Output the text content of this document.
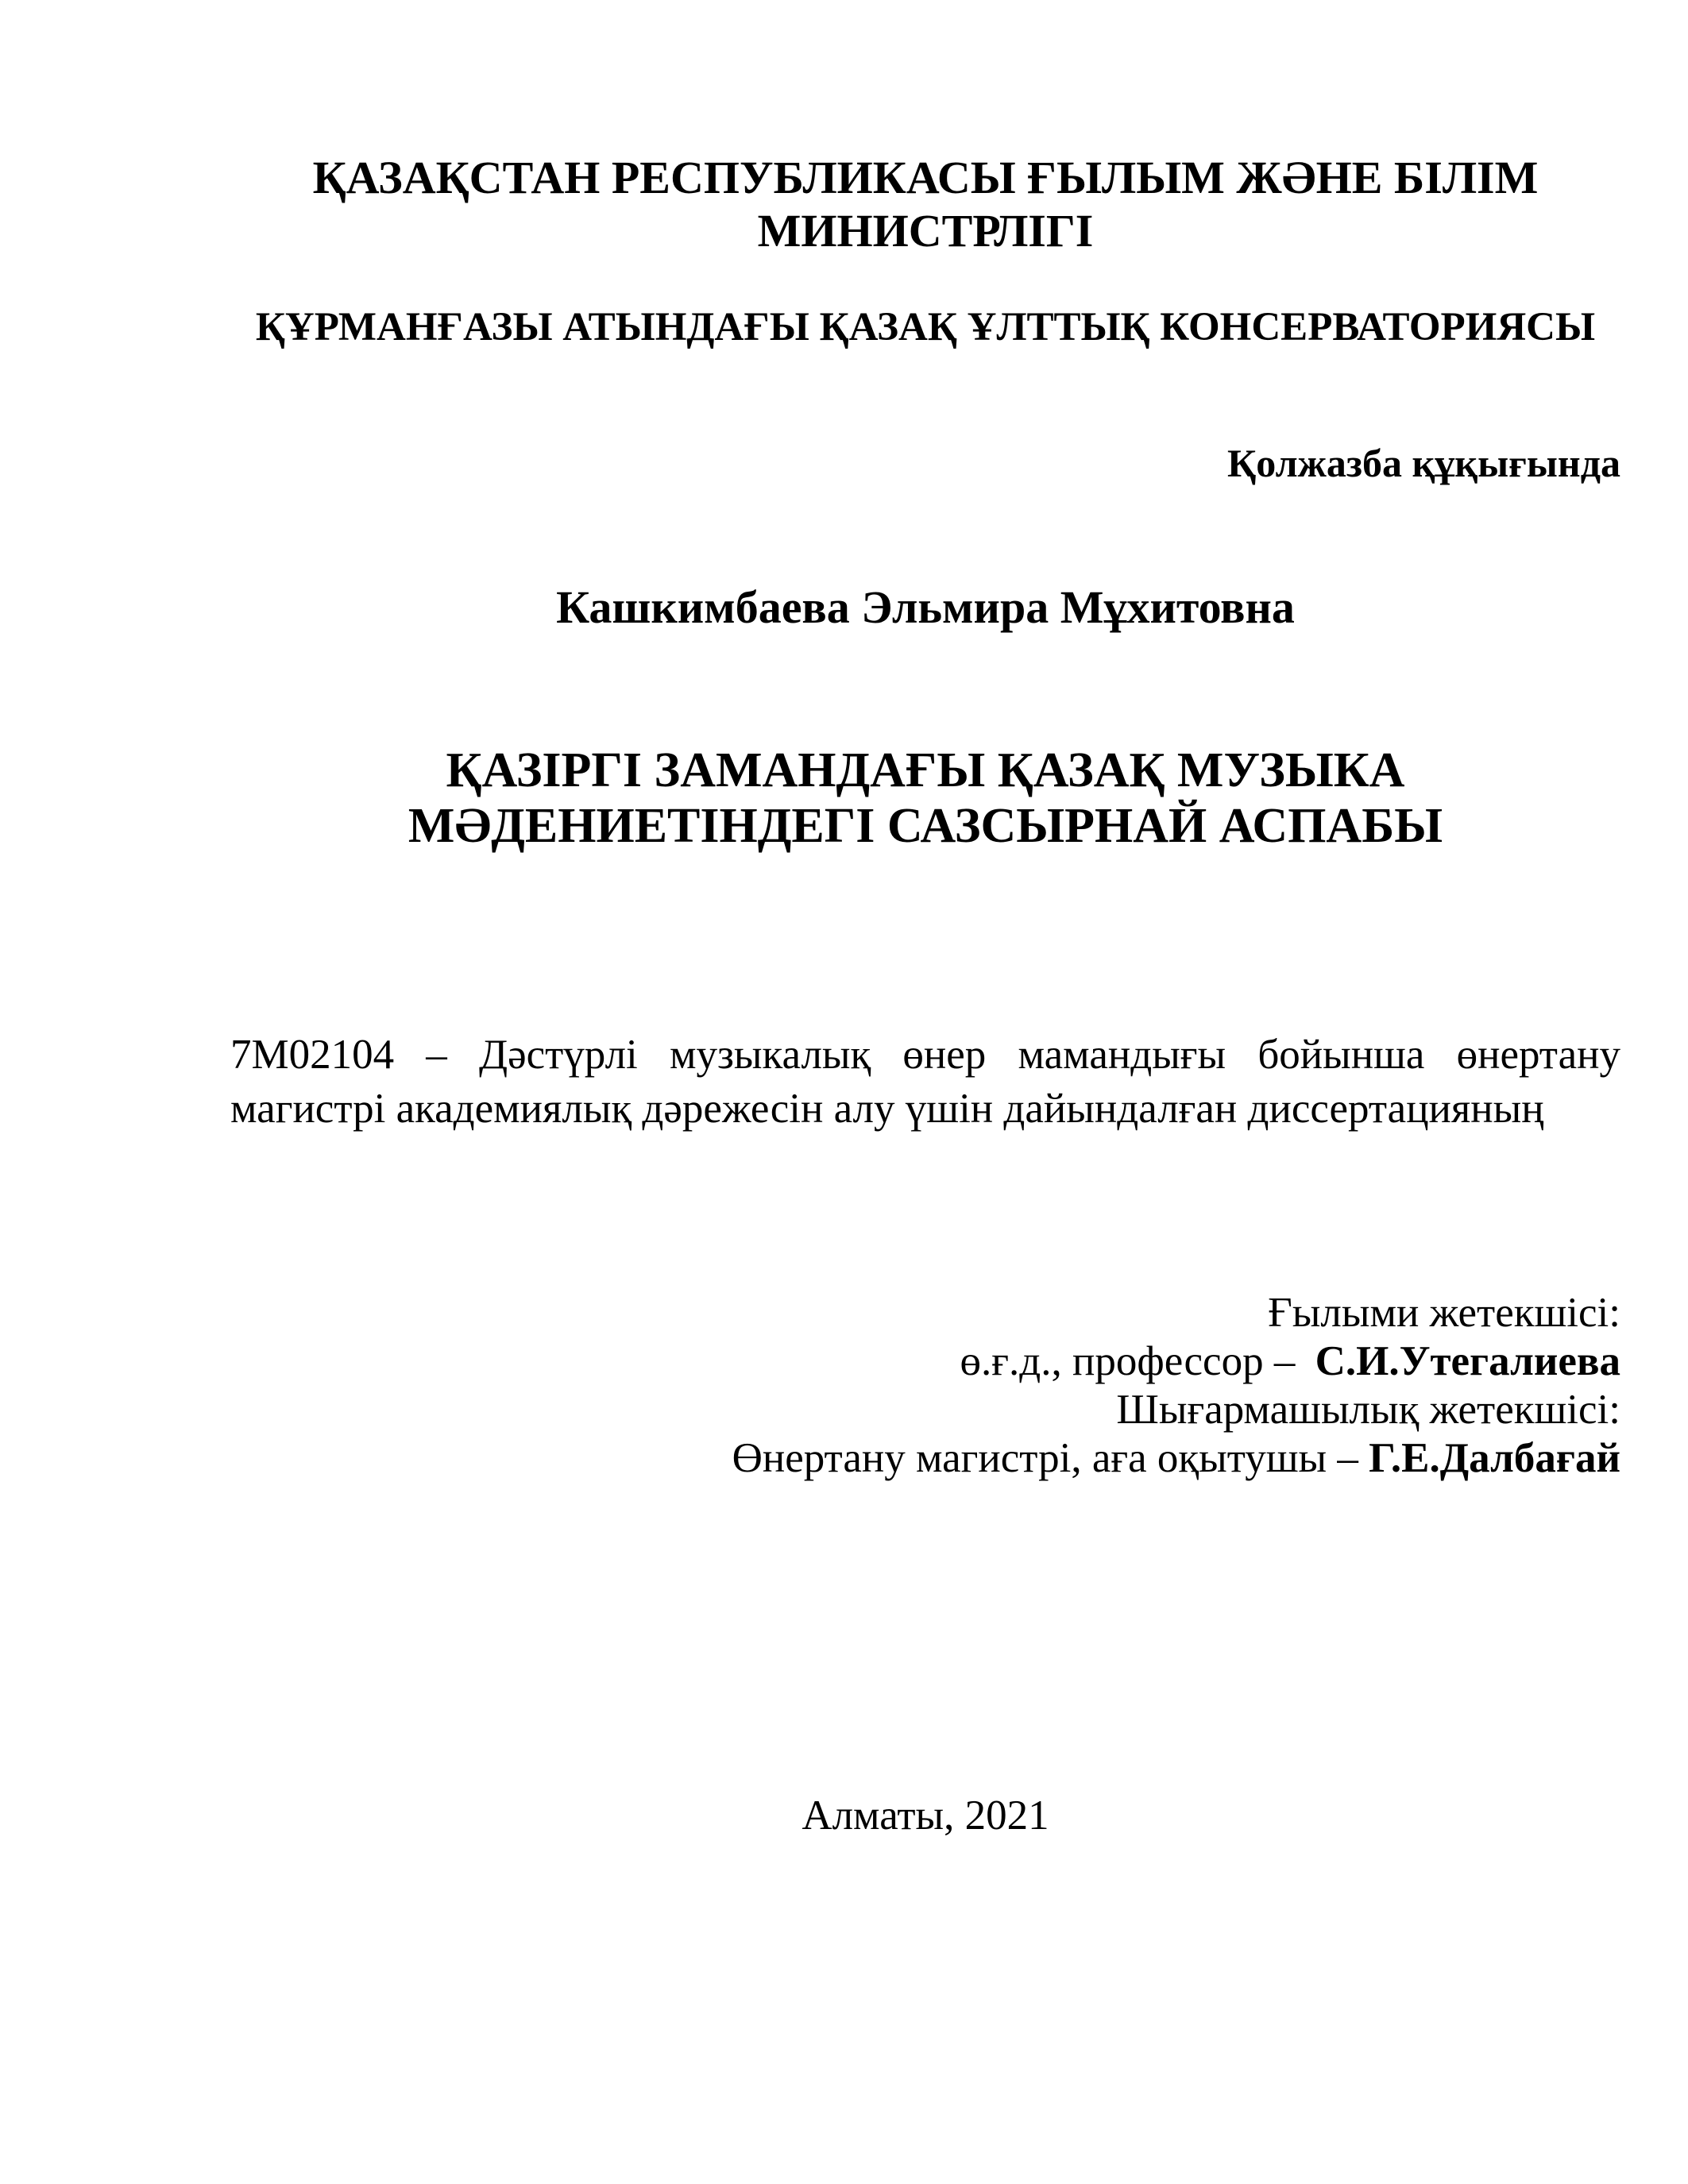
ҚАЗАҚСТАН РЕСПУБЛИКАСЫ ҒЫЛЫМ ЖӘНЕ БІЛІМ
МИНИСТРЛІГІ
ҚҰРМАНҒАЗЫ АТЫНДАҒЫ ҚАЗАҚ ҰЛТТЫҚ КОНСЕРВАТОРИЯСЫ
Қолжазба құқығында
Кашкимбаева Эльмира Мұхитовна
ҚАЗІРГІ ЗАМАНДАҒЫ ҚАЗАҚ МУЗЫКА
МӘДЕНИЕТІНДЕГІ САЗСЫРНАЙ АСПАБЫ
7М02104 – Дәстүрлі музыкалық өнер мамандығы бойынша өнертану
магистрі академиялық дәрежесін алу үшін дайындалған диссертацияның
Ғылыми жетекшісі:
ө.ғ.д., профессор – С.И.Утегалиева
Шығармашылық жетекшісі:
Өнертану магистрі, аға оқытушы – Г.Е.Далбағай
Алматы, 2021
